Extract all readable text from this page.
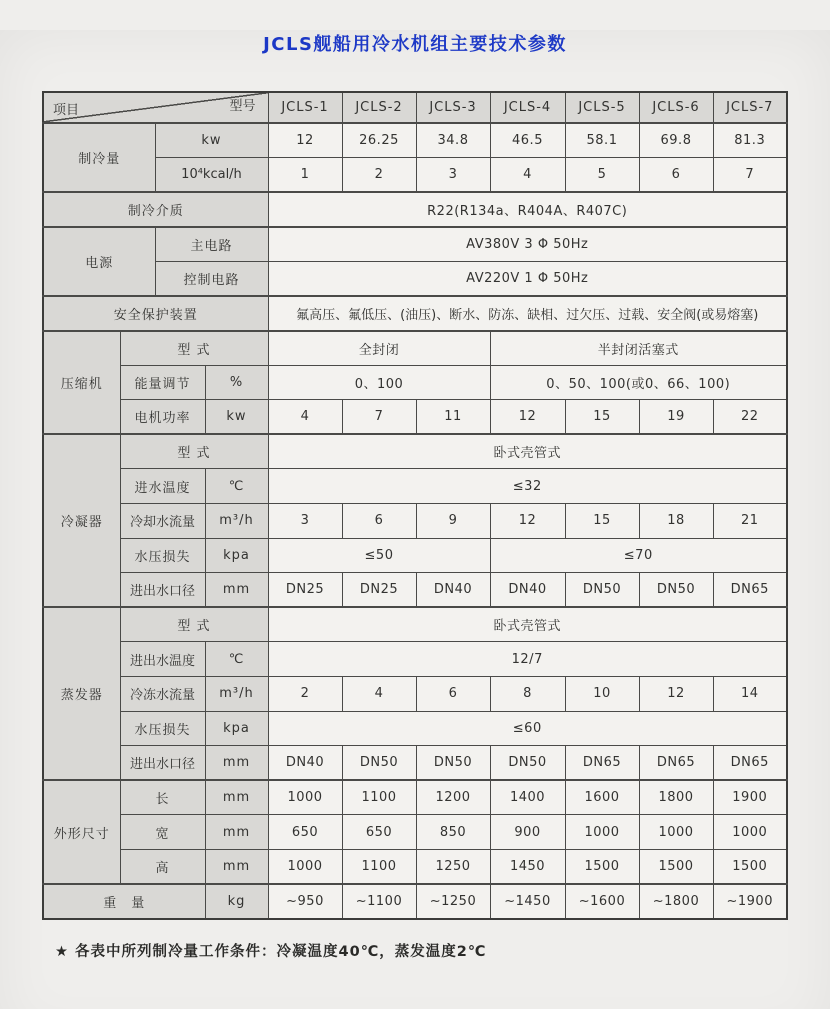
JCLS舰船用冷水机组主要技术参数
项目 型号				JCLS-1	JCLS-2	JCLS-3	JCLS-4	JCLS-5	JCLS-6	JCLS-7
制冷量		kw		12	26.25	34.8	46.5	58.1	69.8	81.3
		10⁴kcal/h		1	2	3	4	5	6	7
制冷介质				R22(R134a、R404A、R407C)						
电源		主电路		AV380V 3 Φ 50Hz						
		控制电路		AV220V 1 Φ 50Hz						
安全保护装置				氟高压、氟低压、(油压)、断水、防冻、缺相、过欠压、过载、安全阀(或易熔塞)						
压缩机	型 式			全封闭			半封闭活塞式			
	能量调节		%	0、100			0、50、100(或0、66、100)			
	电机功率		kw	4	7	11	12	15	19	22
冷凝器	型 式			卧式壳管式						
	进水温度		℃	≤32						
	冷却水流量		m³/h	3	6	9	12	15	18	21
	水压损失		kpa	≤50			≤70			
	进出水口径		mm	DN25	DN25	DN40	DN40	DN50	DN50	DN65
蒸发器	型 式			卧式壳管式						
	进出水温度		℃	12/7						
	冷冻水流量		m³/h	2	4	6	8	10	12	14
	水压损失		kpa	≤60						
	进出水口径		mm	DN40	DN50	DN50	DN50	DN65	DN65	DN65
外形尺寸	长		mm	1000	1100	1200	1400	1600	1800	1900
	宽		mm	650	650	850	900	1000	1000	1000
	高		mm	1000	1100	1250	1450	1500	1500	1500
重　量			kg	~950	~1100	~1250	~1450	~1600	~1800	~1900
★ 各表中所列制冷量工作条件：冷凝温度40℃，蒸发温度2℃
